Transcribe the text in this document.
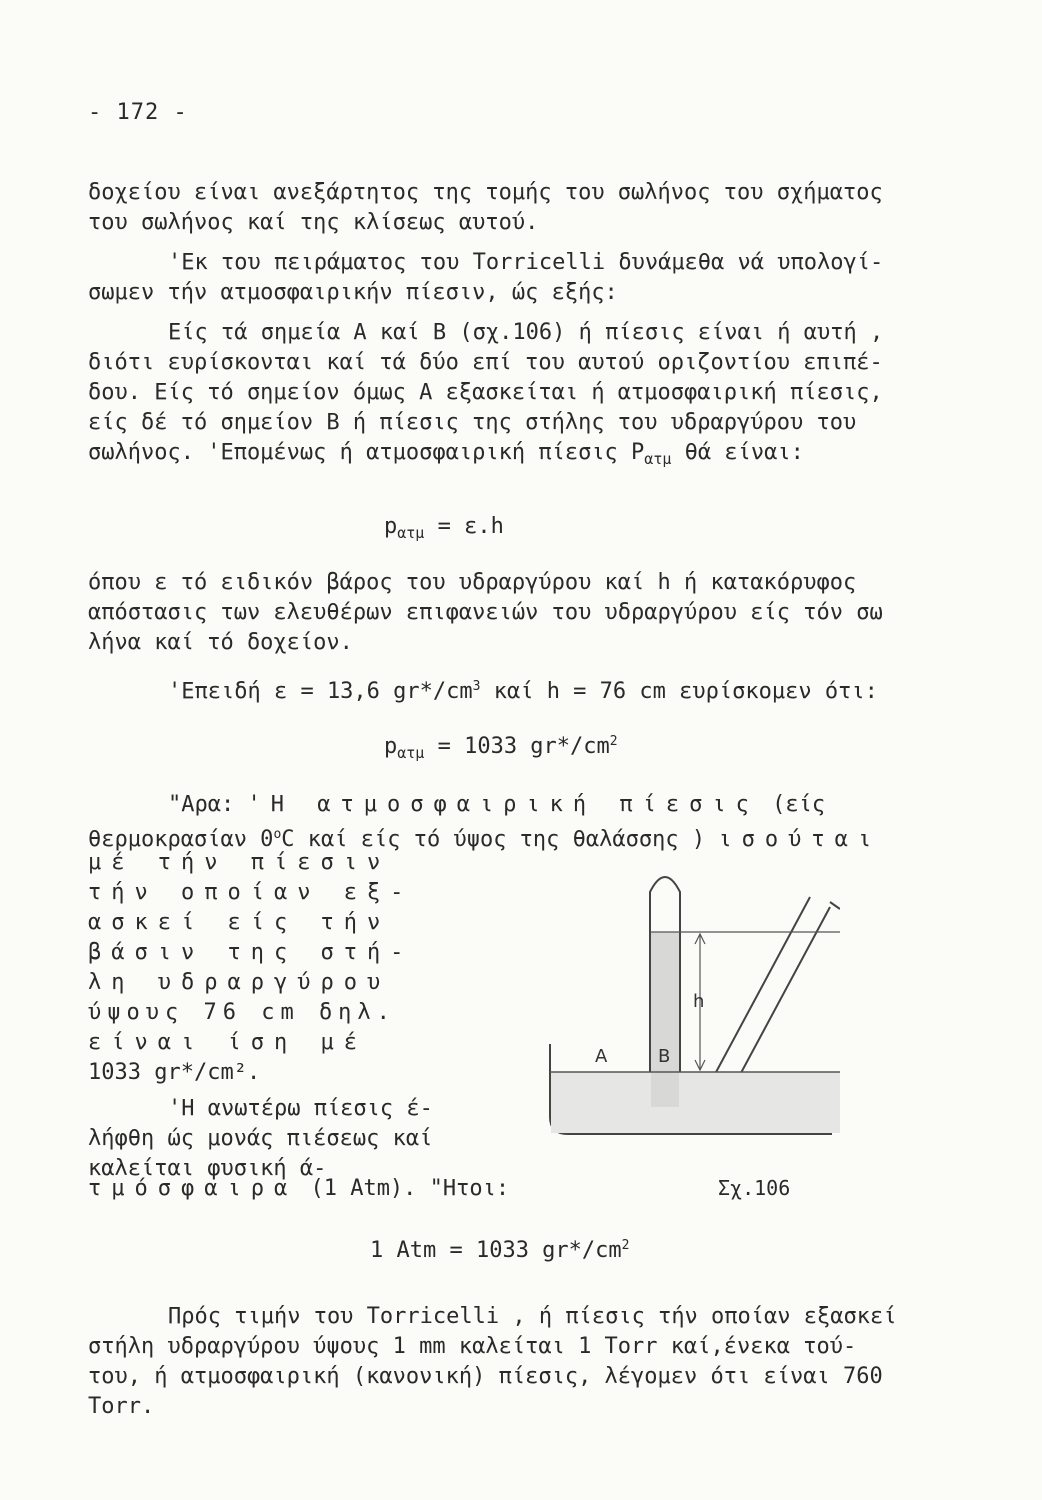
- 172 -
δοχείου είναι ανεξάρτητος της τομής του σωλήνος του σχήματος
του σωλήνος καί της κλίσεως αυτού.
'Εκ του πειράματος του Torricelli δυνάμεθα νά υπολογί-
σωμεν τήν ατμοσφαιρικήν πίεσιν, ώς εξής:
Είς τά σημεία Α καί Β (σχ.106) ή πίεσις είναι ή αυτή ,
διότι ευρίσκονται καί τά δύο επί του αυτού οριζοντίου επιπέ-
δου. Είς τό σημείον όμως Α εξασκείται ή ατμοσφαιρική πίεσις,
είς δέ τό σημείον Β ή πίεσις της στήλης του υδραργύρου του
σωλήνος. 'Επομένως ή ατμοσφαιρική πίεσις $P_{\alpha\tau\mu}$ θά είναι:
$p_{\alpha\tau\mu} = \varepsilon.h$
όπου ε τό ειδικόν βάρος του υδραργύρου καί h ή κατακόρυφος
απόστασις των ελευθέρων επιφανειών του υδραργύρου είς τόν σω
λήνα καί τό δοχείον.
'Επειδή ε = 13,6 $gr*/cm^3$ καί h = 76 cm ευρίσκομεν ότι:
$p_{\alpha\tau\mu} = 1033$ $gr*/cm^2$
"Αρα: 'Η ατμοσφαιρική πίεσις (είς
θερμοκρασίαν $0^oC$ καί είς τό ύψος της θαλάσσης ) ισούται
μέ τήν πίεσιν
τήν οποίαν εξ-
ασκεί είς τήν
βάσιν της στή-
λη υδραργύρου
ύψους 76 cm δηλ.
είναι ίση μέ
1033 gr*/cm².
'Η ανωτέρω πίεσις έ-
λήφθη ώς μονάς πιέσεως καί
καλείται φυσική ά-
τμόσφαιρα (1 Atm). "Ητοι:
A	B
h
Σχ.106
1 Atm = 1033 $gr*/cm^2$
Πρός τιμήν του Torricelli , ή πίεσις τήν οποίαν εξασκεί
στήλη υδραργύρου ύψους 1 mm καλείται 1 Torr καί,ένεκα τού-
του, ή ατμοσφαιρική (κανονική) πίεσις, λέγομεν ότι είναι 760
Torr.
